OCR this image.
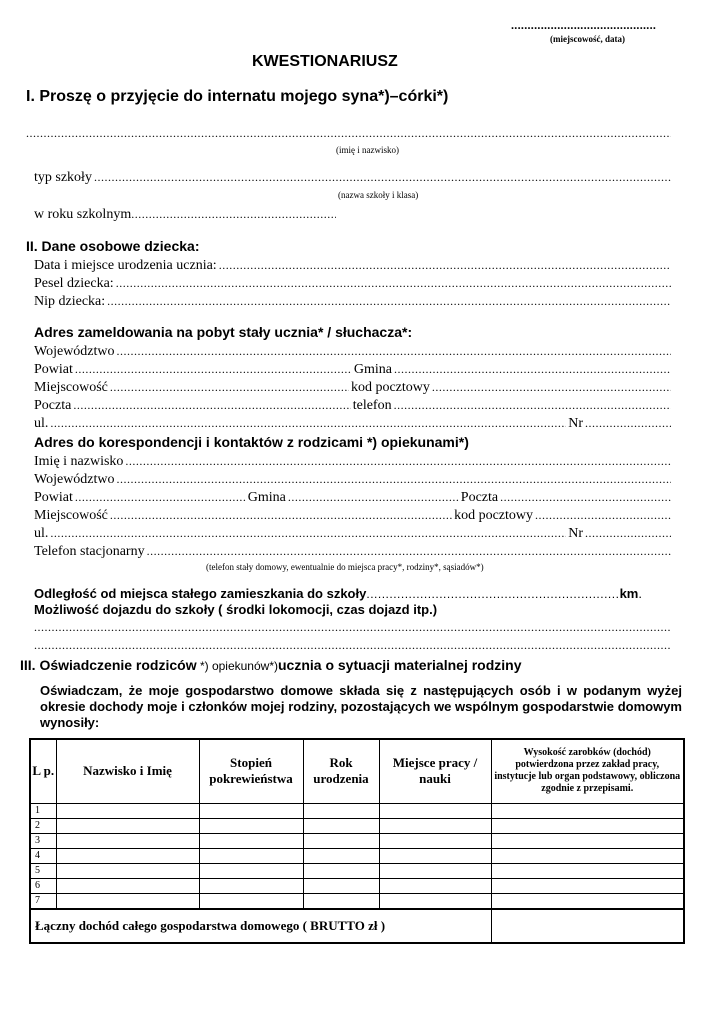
............................................
(miejscowość, data)
KWESTIONARIUSZ
I. Proszę o przyjęcie do internatu mojego syna*)–córki*)
.....
(imię i nazwisko)
typ szkoły
.....
(nazwa szkoły i klasa)
w roku szkolnym
.....
II. Dane osobowe dziecka:
Data i miejsce urodzenia ucznia:
.....
Pesel dziecka:
.....
Nip dziecka:
.....
Adres zameldowania na pobyt stały ucznia* / słuchacza*:
Województwo
.....
Powiat .....	Gmina
.....
Miejscowość .....	kod pocztowy
.....
Poczta .....	telefon
.....
ul. .....	Nr
.....
Adres do korespondencji i kontaktów z rodzicami *) opiekunami*)
Imię i nazwisko
.....
Województwo
.....
Powiat .....	Gmina .....	Poczta
.....
Miejscowość .....	kod pocztowy
.....
ul. .....	Nr
.....
Telefon stacjonarny
.....
(telefon stały domowy, ewentualnie do miejsca pracy*, rodziny*, sąsiadów*)
Odległość od miejsca stałego zamieszkania do szkoły .....	km .
Możliwość dojazdu do szkoły ( środki lokomocji, czas dojazd itp.)
.....
.....
III. Oświadczenie rodziców *) opiekunów*)ucznia o sytuacji materialnej rodziny
Oświadczam, że moje gospodarstwo domowe składa się z następujących osób i w podanym wyżej okresie dochody moje i członków mojej rodziny, pozostających we wspólnym gospodarstwie domowym wynosiły:
L p.	Nazwisko i Imię	Stopień pokrewieństwa	Rok urodzenia	Miejsce pracy / nauki	Wysokość zarobków (dochód) potwierdzona przez zakład pracy, instytucje lub organ podstawowy, obliczona zgodnie z przepisami.
1					
2					
3					
4					
5					
6					
7					
Łączny dochód całego gospodarstwa domowego ( BRUTTO zł )					
